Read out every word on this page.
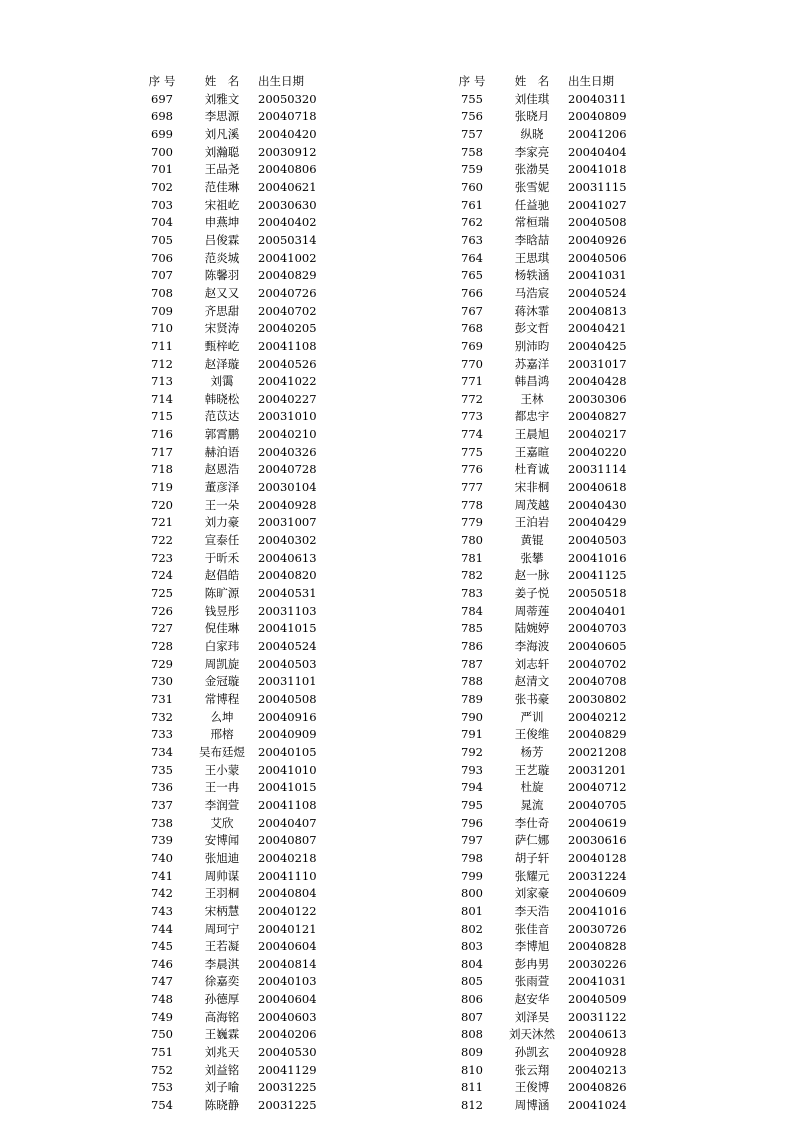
序 号	姓　名	出生日期
697	刘雅文	20050320
698	李思源	20040718
699	刘凡溪	20040420
700	刘瀚聪	20030912
701	王品尧	20040806
702	范佳琳	20040621
703	宋祖屹	20030630
704	申燕坤	20040402
705	吕俊霖	20050314
706	范炎城	20041002
707	陈馨羽	20040829
708	赵又又	20040726
709	齐思甜	20040702
710	宋贤涛	20040205
711	甄梓屹	20041108
712	赵泽璇	20040526
713	刘霭	20041022
714	韩晓松	20040227
715	范苡达	20031010
716	郭霄鹏	20040210
717	赫泊语	20040326
718	赵恩浩	20040728
719	董彦泽	20030104
720	王一朵	20040928
721	刘力豪	20031007
722	宣泰任	20040302
723	于昕禾	20040613
724	赵倡皓	20040820
725	陈旷源	20040531
726	钱昱彤	20031103
727	倪佳琳	20041015
728	白家玮	20040524
729	周凯旋	20040503
730	金冠璇	20031101
731	常博程	20040508
732	么坤	20040916
733	邢榕	20040909
734	吴布廷煜	20040105
735	王小蒙	20041010
736	王一冉	20041015
737	李润萱	20041108
738	艾欣	20040407
739	安博闻	20040807
740	张旭迪	20040218
741	周帅谋	20041110
742	王羽桐	20040804
743	宋柄慧	20040122
744	周珂宁	20040121
745	王若凝	20040604
746	李晨淇	20040814
747	徐嘉奕	20040103
748	孙德厚	20040604
749	高海铭	20040603
750	王巍霖	20040206
751	刘兆天	20040530
752	刘益铭	20041129
753	刘子喻	20031225
754	陈晓静	20031225
序 号	姓　名	出生日期
755	刘佳琪	20040311
756	张晓月	20040809
757	纵晓	20041206
758	李家亮	20040404
759	张渤昊	20041018
760	张雪妮	20031115
761	任益驰	20041027
762	常桓瑞	20040508
763	李晗喆	20040926
764	王思琪	20040506
765	杨轶涵	20041031
766	马浩宸	20040524
767	蒋沐霏	20040813
768	彭文哲	20040421
769	别沛昀	20040425
770	苏嘉洋	20031017
771	韩昌鸿	20040428
772	王林	20030306
773	都忠宇	20040827
774	王晨旭	20040217
775	王嘉暄	20040220
776	杜育诚	20031114
777	宋非桐	20040618
778	周茂越	20040430
779	王泊岩	20040429
780	黄锟	20040503
781	张攀	20041016
782	赵一脉	20041125
783	姜子悦	20050518
784	周蒂莲	20040401
785	陆婉婷	20040703
786	李海波	20040605
787	刘志轩	20040702
788	赵清文	20040708
789	张书豪	20030802
790	严训	20040212
791	王俊维	20040829
792	杨芳	20021208
793	王艺璇	20031201
794	杜旋	20040712
795	晁流	20040705
796	李仕奇	20040619
797	萨仁娜	20030616
798	胡子轩	20040128
799	张耀元	20031224
800	刘家豪	20040609
801	李天浩	20041016
802	张佳音	20030726
803	李博旭	20040828
804	彭冉男	20030226
805	张雨萱	20041031
806	赵安华	20040509
807	刘泽昊	20031122
808	刘天沐然	20040613
809	孙凯玄	20040928
810	张云翔	20040213
811	王俊博	20040826
812	周博涵	20041024
